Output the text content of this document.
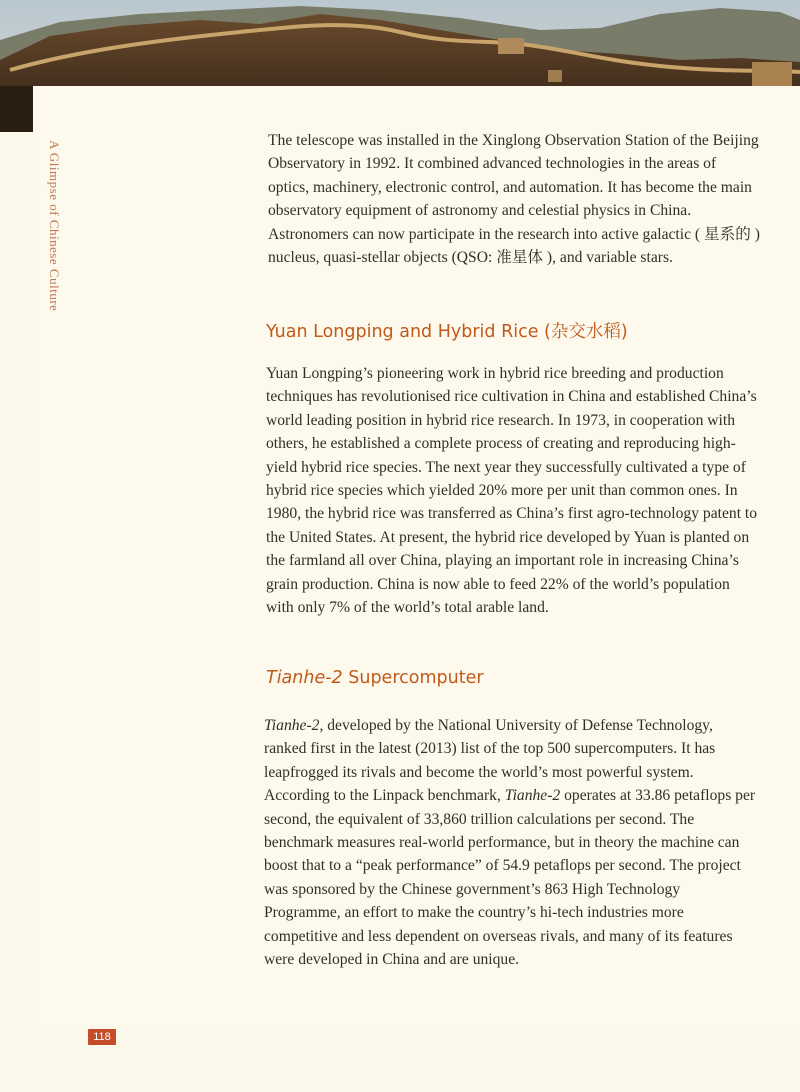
A Glimpse of Chinese Culture	The telescope was installed in the Xinglong Observation Station of the Beijing Observatory in 1992. It combined advanced technologies in the areas of optics, machinery, electronic control, and automation. It has become the main observatory equipment of astronomy and celestial physics in China. Astronomers can now participate in the research into active galactic ( 星系的 ) nucleus, quasi-stellar objects (QSO: 准星体 ), and variable stars.

Yuan Longping and Hybrid Rice (杂交水稻)

Yuan Longping’s pioneering work in hybrid rice breeding and production techniques has revolutionised rice cultivation in China and established China’s world leading position in hybrid rice research. In 1973, in cooperation with others, he established a complete process of creating and reproducing high-yield hybrid rice species. The next year they successfully cultivated a type of hybrid rice species which yielded 20% more per unit than common ones. In 1980, the hybrid rice was transferred as China’s first agro-technology patent to the United States. At present, the hybrid rice developed by Yuan is planted on the farmland all over China, playing an important role in increasing China’s grain production. China is now able to feed 22% of the world’s population with only 7% of the world’s total arable land.

Tianhe-2 Supercomputer

Tianhe-2, developed by the National University of Defense Technology, ranked first in the latest (2013) list of the top 500 supercomputers. It has leapfrogged its rivals and become the world’s most powerful system. According to the Linpack benchmark, Tianhe-2 operates at 33.86 petaflops per second, the equivalent of 33,860 trillion calculations per second. The benchmark measures real-world performance, but in theory the machine can boost that to a “peak performance” of 54.9 petaflops per second. The project was sponsored by the Chinese government’s 863 High Technology Programme, an effort to make the country’s hi-tech industries more competitive and less dependent on overseas rivals, and many of its features were developed in China and are unique.

118
